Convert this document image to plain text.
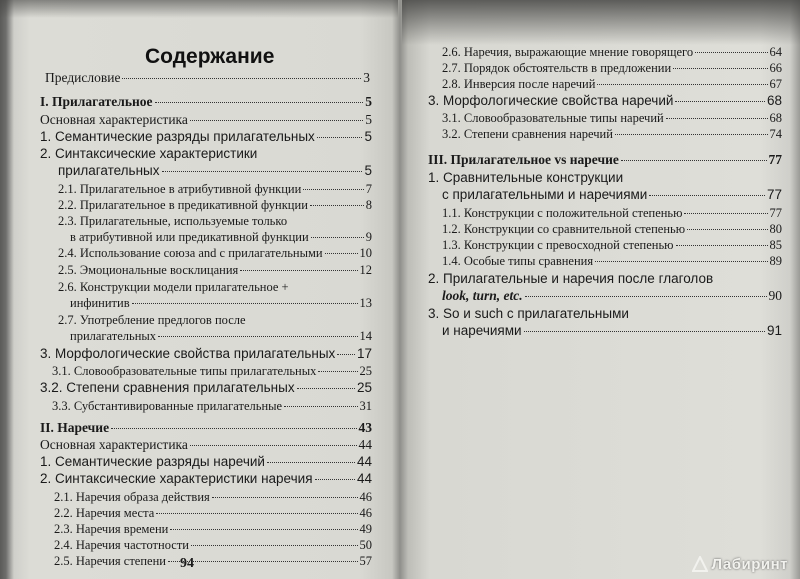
Содержание
Предисловие	3
I. Прилагательное	5
Основная характеристика	5
1. Семантические разряды прилагательных	5
2. Синтаксические характеристики
прилагательных	5
2.1. Прилагательное в атрибутивной функции	7
2.2. Прилагательное в предикативной функции	8
2.3. Прилагательные, используемые только
в атрибутивной или предикативной функции	9
2.4. Использование союза and с прилагательными	10
2.5. Эмоциональные восклицания	12
2.6. Конструкции модели прилагательное +
инфинитив	13
2.7. Употребление предлогов после
прилагательных	14
3. Морфологические свойства прилагательных 17
3.1. Словообразовательные типы прилагательных	25
3.2. Степени сравнения прилагательных	25
3.3. Субстантивированные прилагательные	31
II. Наречие	43
Основная характеристика	44
1. Семантические разряды наречий	44
2. Синтаксические характеристики наречия	44
2.1. Наречия образа действия	46
2.2. Наречия места	46
2.3. Наречия времени	49
2.4. Наречия частотности	50
2.5. Наречия степени	57
94
2.6. Наречия, выражающие мнение говорящего	64
2.7. Порядок обстоятельств в предложении	66
2.8. Инверсия после наречий	67
3. Морфологические свойства наречий	68
3.1. Словообразовательные типы наречий	68
3.2. Степени сравнения наречий	74
III. Прилагательное vs наречие	77
1. Сравнительные конструкции
с прилагательными и наречиями	77
1.1. Конструкции с положительной степенью	77
1.2. Конструкции со сравнительной степенью	80
1.3. Конструкции с превосходной степенью	85
1.4. Особые типы сравнения	89
2. Прилагательные и наречия после глаголов
look, turn, etc.	90
3. So и such с прилагательными
и наречиями	91
Лабиринт
